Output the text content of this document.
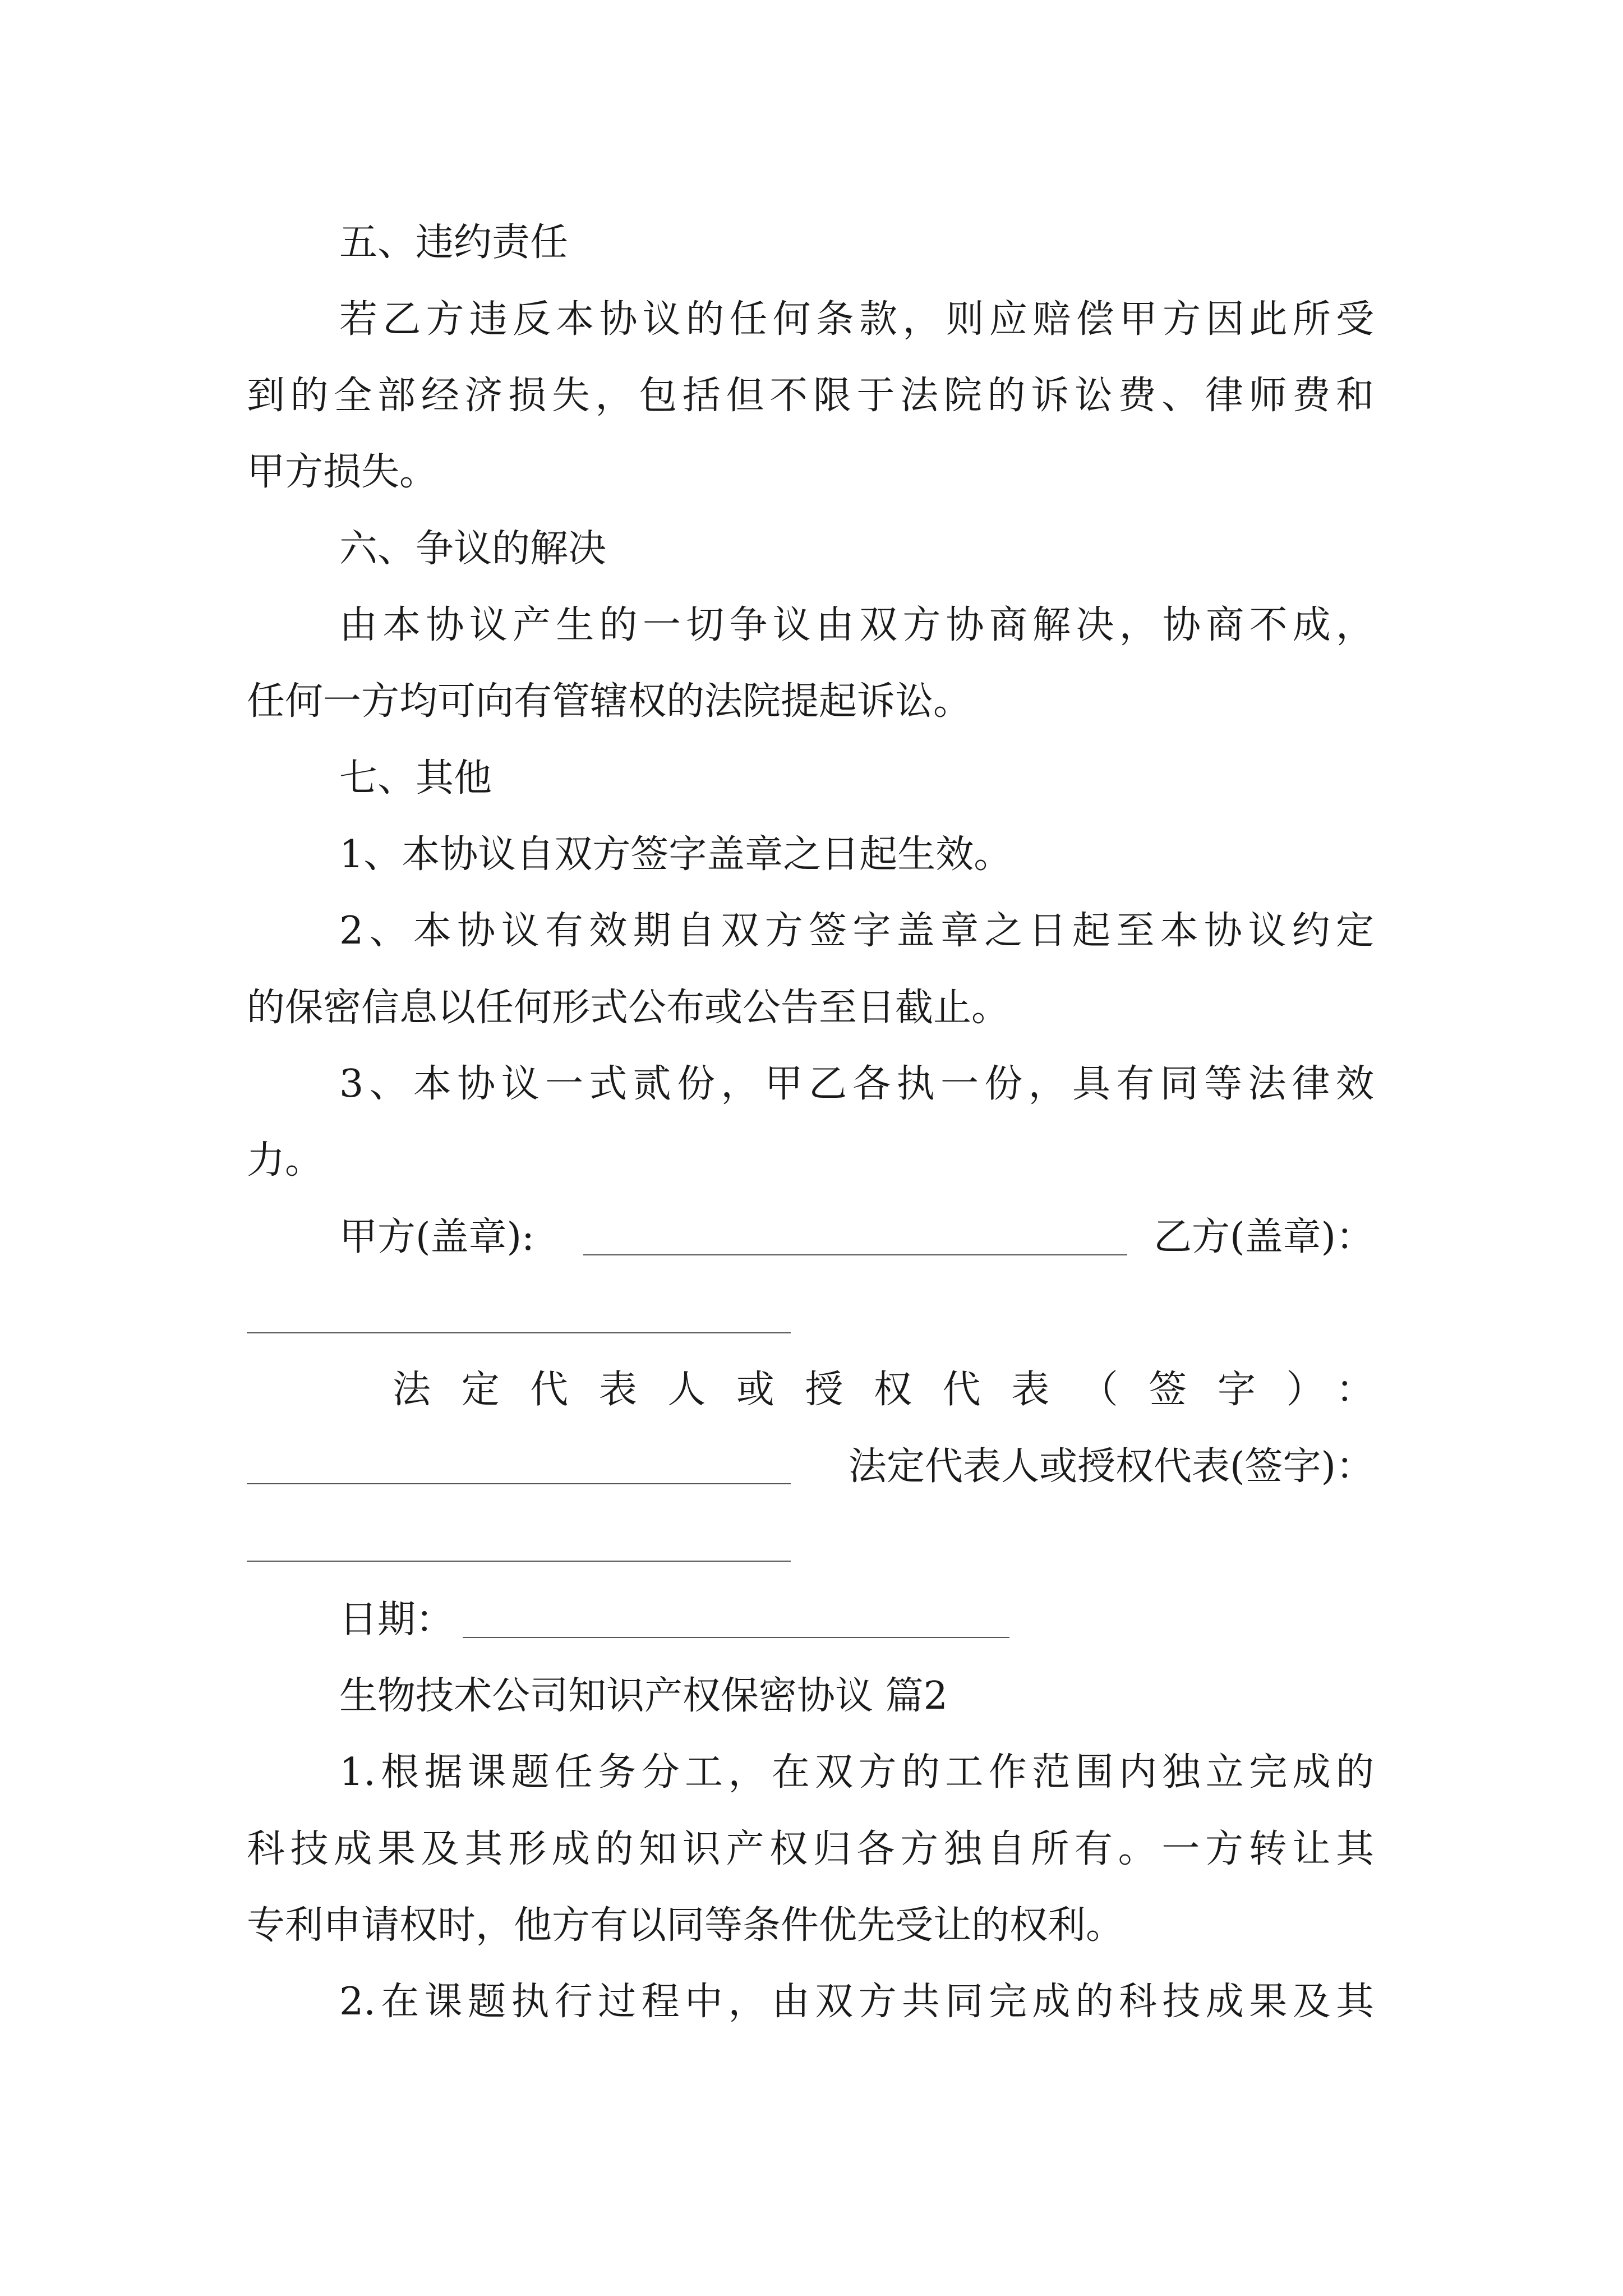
五、违约责任
若乙方违反本协议的任何条款，则应赔偿甲方因此所受
到的全部经济损失，包括但不限于法院的诉讼费、律师费和
甲方损失。
六、争议的解决
由本协议产生的一切争议由双方协商解决，协商不成，
任何一方均可向有管辖权的法院提起诉讼。
七、其他
1、本协议自双方签字盖章之日起生效。
2、本协议有效期自双方签字盖章之日起至本协议约定
的保密信息以任何形式公布或公告至日截止。
3、本协议一式贰份，甲乙各执一份，具有同等法律效
力。
甲方(盖章):	乙方(盖章)：
法定代表人或授权代表（签字）：
法定代表人或授权代表(签字)：
日期：
生物技术公司知识产权保密协议 篇2
1.根据课题任务分工，在双方的工作范围内独立完成的
科技成果及其形成的知识产权归各方独自所有。一方转让其
专利申请权时，他方有以同等条件优先受让的权利。
2.在课题执行过程中，由双方共同完成的科技成果及其
